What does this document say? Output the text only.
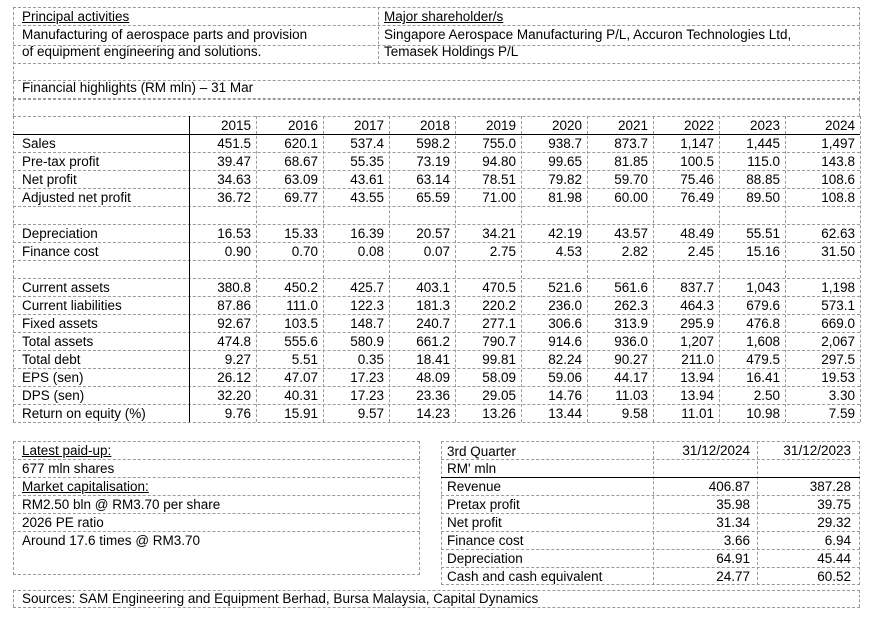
Principal activities
Manufacturing of aerospace parts and provision
of equipment engineering and solutions.
Major shareholder/s
Singapore Aerospace Manufacturing P/L, Accuron Technologies Ltd,
Temasek Holdings P/L
Financial highlights (RM mln) – 31 Mar
2015	2016	2017	2018	2019	2020	2021	2022	2023	2024
Sales	451.5	620.1	537.4	598.2	755.0	938.7	873.7	1,147	1,445	1,497
Pre-tax profit	39.47	68.67	55.35	73.19	94.80	99.65	81.85	100.5	115.0	143.8
Net profit	34.63	63.09	43.61	63.14	78.51	79.82	59.70	75.46	88.85	108.6
Adjusted net profit	36.72	69.77	43.55	65.59	71.00	81.98	60.00	76.49	89.50	108.8
Depreciation	16.53	15.33	16.39	20.57	34.21	42.19	43.57	48.49	55.51	62.63
Finance cost	0.90	0.70	0.08	0.07	2.75	4.53	2.82	2.45	15.16	31.50
Current assets	380.8	450.2	425.7	403.1	470.5	521.6	561.6	837.7	1,043	1,198
Current liabilities	87.86	111.0	122.3	181.3	220.2	236.0	262.3	464.3	679.6	573.1
Fixed assets	92.67	103.5	148.7	240.7	277.1	306.6	313.9	295.9	476.8	669.0
Total assets	474.8	555.6	580.9	661.2	790.7	914.6	936.0	1,207	1,608	2,067
Total debt	9.27	5.51	0.35	18.41	99.81	82.24	90.27	211.0	479.5	297.5
EPS (sen)	26.12	47.07	17.23	48.09	58.09	59.06	44.17	13.94	16.41	19.53
DPS (sen)	32.20	40.31	17.23	23.36	29.05	14.76	11.03	13.94	2.50	3.30
Return on equity (%)	9.76	15.91	9.57	14.23	13.26	13.44	9.58	11.01	10.98	7.59
Latest paid-up:
677 mln shares
Market capitalisation:
RM2.50 bln @ RM3.70 per share
2026 PE ratio
Around 17.6 times @ RM3.70
3rd Quarter
RM' mln
31/12/2024	31/12/2023
Revenue	406.87	387.28
Pretax profit	35.98	39.75
Net profit	31.34	29.32
Finance cost	3.66	6.94
Depreciation	64.91	45.44
Cash and cash equivalent	24.77	60.52
Sources: SAM Engineering and Equipment Berhad, Bursa Malaysia, Capital Dynamics
